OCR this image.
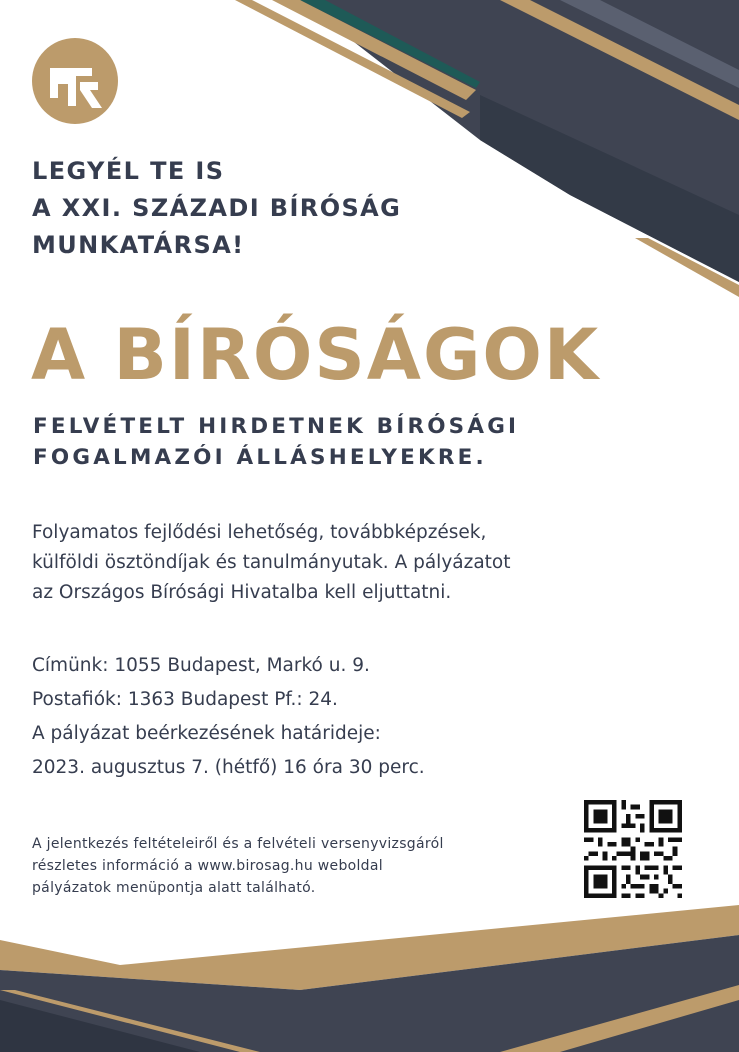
LEGYÉL TE IS
A XXI. SZÁZADI BÍRÓSÁG
MUNKATÁRSA!
A BÍRÓSÁGOK
FELVÉTELT HIRDETNEK BÍRÓSÁGI
FOGALMAZÓI ÁLLÁSHELYEKRE.

Folyamatos fejlődési lehetőség, továbbképzések,
külföldi ösztöndíjak és tanulmányutak. A pályázatot
az Országos Bírósági Hivatalba kell eljuttatni.

Címünk: 1055 Budapest, Markó u. 9.
Postafiók: 1363 Budapest Pf.: 24.
A pályázat beérkezésének határideje:
2023. augusztus 7. (hétfő) 16 óra 30 perc.

A jelentkezés feltételeiről és a felvételi versenyvizsgáról
részletes információ a www.birosag.hu weboldal
pályázatok menüpontja alatt található.
